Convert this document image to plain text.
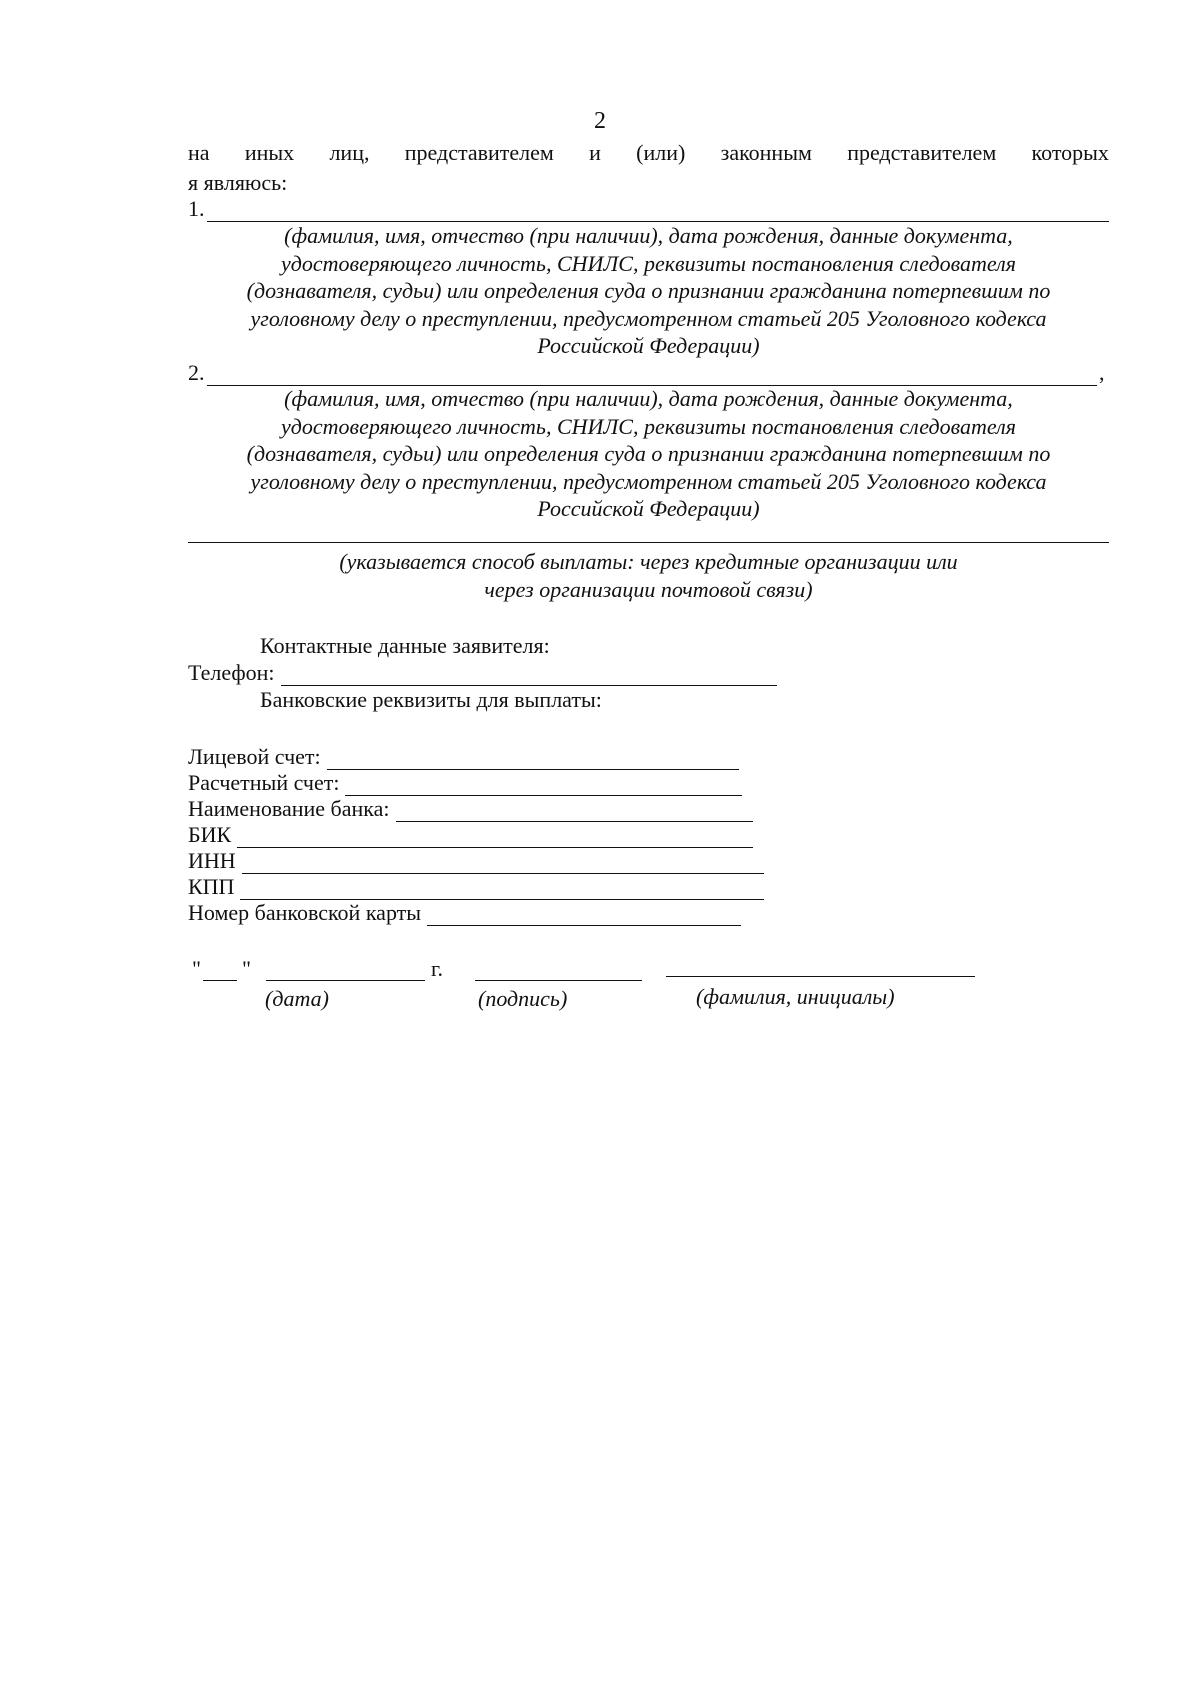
2
на иных лиц, представителем и (или) законным представителем которых
я являюсь:
1.
(фамилия, имя, отчество (при наличии), дата рождения, данные документа,
удостоверяющего личность, СНИЛС, реквизиты постановления следователя
(дознавателя, судьи) или определения суда о признании гражданина потерпевшим по
уголовному делу о преступлении, предусмотренном статьей 205 Уголовного кодекса
Российской Федерации)
2.	,
(фамилия, имя, отчество (при наличии), дата рождения, данные документа,
удостоверяющего личность, СНИЛС, реквизиты постановления следователя
(дознавателя, судьи) или определения суда о признании гражданина потерпевшим по
уголовному делу о преступлении, предусмотренном статьей 205 Уголовного кодекса
Российской Федерации)
(указывается способ выплаты: через кредитные организации или
через организации почтовой связи)
Контактные данные заявителя:
Телефон:
Банковские реквизиты для выплаты:
Лицевой счет:
Расчетный счет:
Наименование банка:
БИК
ИНН
КПП
Номер банковской карты
" "	г.
(дата)	(подпись)	(фамилия, инициалы)
